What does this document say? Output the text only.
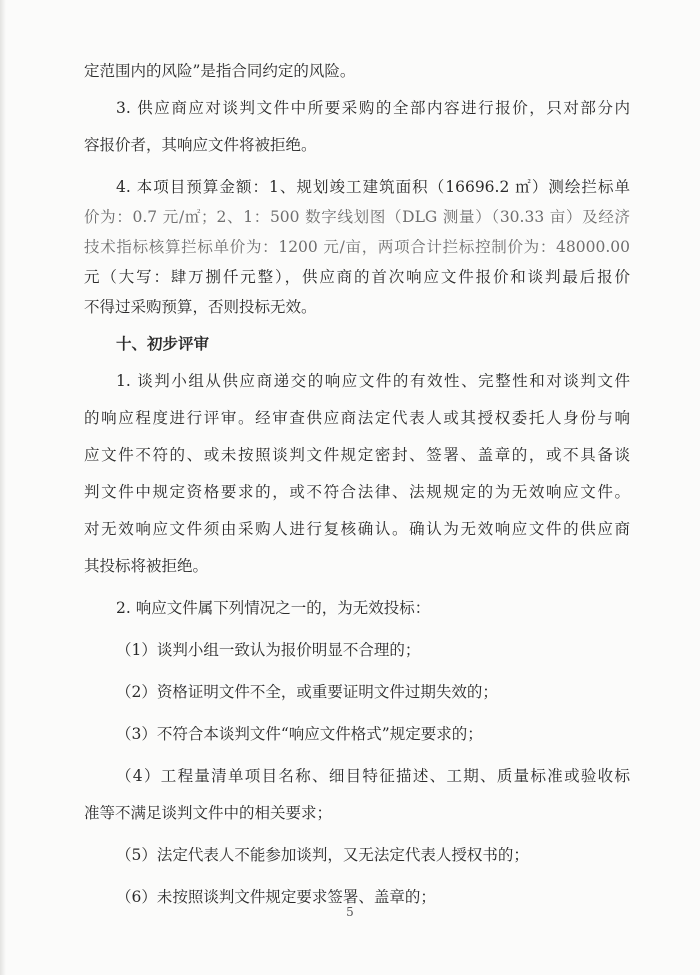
定范围内的风险”是指合同约定的风险。
3. 供应商应对谈判文件中所要采购的全部内容进行报价，只对部分内
容报价者，其响应文件将被拒绝。
4. 本项目预算金额：1、规划竣工建筑面积（16696.2 ㎡）测绘拦标单
价为：0.7 元/㎡；2、1：500 数字线划图（DLG 测量）（30.33 亩）及经济
技术指标核算拦标单价为：1200 元/亩，两项合计拦标控制价为：48000.00
元（大写：肆万捌仟元整），供应商的首次响应文件报价和谈判最后报价
不得过采购预算，否则投标无效。
十、初步评审
1. 谈判小组从供应商递交的响应文件的有效性、完整性和对谈判文件
的响应程度进行评审。经审查供应商法定代表人或其授权委托人身份与响
应文件不符的、或未按照谈判文件规定密封、签署、盖章的，或不具备谈
判文件中规定资格要求的，或不符合法律、法规规定的为无效响应文件。
对无效响应文件须由采购人进行复核确认。确认为无效响应文件的供应商
其投标将被拒绝。
2. 响应文件属下列情况之一的，为无效投标：
（1）谈判小组一致认为报价明显不合理的；
（2）资格证明文件不全，或重要证明文件过期失效的；
（3）不符合本谈判文件“响应文件格式”规定要求的；
（4）工程量清单项目名称、细目特征描述、工期、质量标准或验收标
准等不满足谈判文件中的相关要求；
（5）法定代表人不能参加谈判，又无法定代表人授权书的；
（6）未按照谈判文件规定要求签署、盖章的；
5
